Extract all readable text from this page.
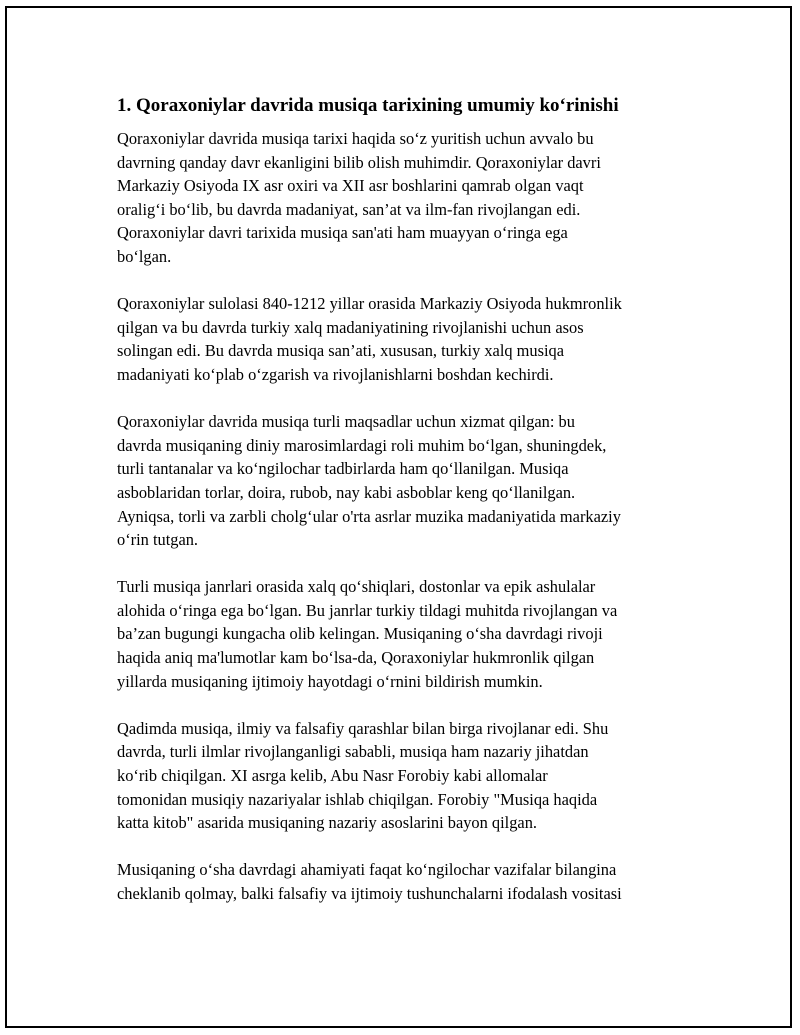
1. Qoraxoniylar davrida musiqa tarixining umumiy ko‘rinishi
Qoraxoniylar davrida musiqa tarixi haqida so‘z yuritish uchun avvalo bu
davrning qanday davr ekanligini bilib olish muhimdir. Qoraxoniylar davri
Markaziy Osiyoda IX asr oxiri va XII asr boshlarini qamrab olgan vaqt
oralig‘i bo‘lib, bu davrda madaniyat, san’at va ilm-fan rivojlangan edi.
Qoraxoniylar davri tarixida musiqa san'ati ham muayyan o‘ringa ega
bo‘lgan.
Qoraxoniylar sulolasi 840-1212 yillar orasida Markaziy Osiyoda hukmronlik
qilgan va bu davrda turkiy xalq madaniyatining rivojlanishi uchun asos
solingan edi. Bu davrda musiqa san’ati, xususan, turkiy xalq musiqa
madaniyati ko‘plab o‘zgarish va rivojlanishlarni boshdan kechirdi.
Qoraxoniylar davrida musiqa turli maqsadlar uchun xizmat qilgan: bu
davrda musiqaning diniy marosimlardagi roli muhim bo‘lgan, shuningdek,
turli tantanalar va ko‘ngilochar tadbirlarda ham qo‘llanilgan. Musiqa
asboblaridan torlar, doira, rubob, nay kabi asboblar keng qo‘llanilgan.
Ayniqsa, torli va zarbli cholg‘ular o'rta asrlar muzika madaniyatida markaziy
o‘rin tutgan.
Turli musiqa janrlari orasida xalq qo‘shiqlari, dostonlar va epik ashulalar
alohida o‘ringa ega bo‘lgan. Bu janrlar turkiy tildagi muhitda rivojlangan va
ba’zan bugungi kungacha olib kelingan. Musiqaning o‘sha davrdagi rivoji
haqida aniq ma'lumotlar kam bo‘lsa-da, Qoraxoniylar hukmronlik qilgan
yillarda musiqaning ijtimoiy hayotdagi o‘rnini bildirish mumkin.
Qadimda musiqa, ilmiy va falsafiy qarashlar bilan birga rivojlanar edi. Shu
davrda, turli ilmlar rivojlanganligi sababli, musiqa ham nazariy jihatdan
ko‘rib chiqilgan. XI asrga kelib, Abu Nasr Forobiy kabi allomalar
tomonidan musiqiy nazariyalar ishlab chiqilgan. Forobiy "Musiqa haqida
katta kitob" asarida musiqaning nazariy asoslarini bayon qilgan.
Musiqaning o‘sha davrdagi ahamiyati faqat ko‘ngilochar vazifalar bilangina
cheklanib qolmay, balki falsafiy va ijtimoiy tushunchalarni ifodalash vositasi
